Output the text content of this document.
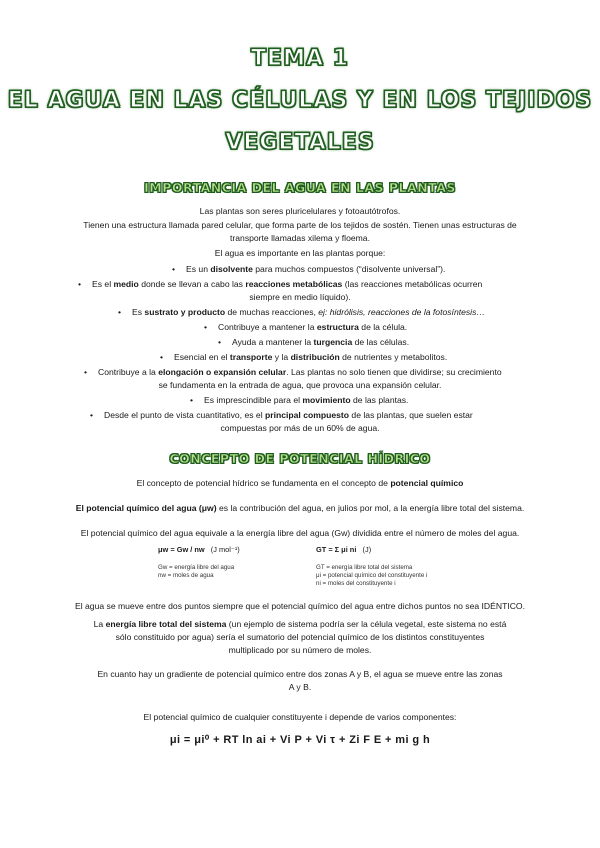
TEMA 1
EL AGUA EN LAS CÉLULAS Y EN LOS TEJIDOS
VEGETALES
IMPORTANCIA DEL AGUA EN LAS PLANTAS
Las plantas son seres pluricelulares y fotoautótrofos.
Tienen una estructura llamada pared celular, que forma parte de los tejidos de sostén. Tienen unas estructuras de
transporte llamadas xilema y floema.
El agua es importante en las plantas porque:
• Es un disolvente para muchos compuestos (“disolvente universal”).
• Es el medio donde se llevan a cabo las reacciones metabólicas (las reacciones metabólicas ocurren
siempre en medio líquido).
• Es sustrato y producto de muchas reacciones, ej: hidrólisis, reacciones de la fotosíntesis…
• Contribuye a mantener la estructura de la célula.
• Ayuda a mantener la turgencia de las células.
• Esencial en el transporte y la distribución de nutrientes y metabolitos.
• Contribuye a la elongación o expansión celular. Las plantas no solo tienen que dividirse; su crecimiento
se fundamenta en la entrada de agua, que provoca una expansión celular.
• Es imprescindible para el movimiento de las plantas.
• Desde el punto de vista cuantitativo, es el principal compuesto de las plantas, que suelen estar
compuestas por más de un 60% de agua.
CONCEPTO DE POTENCIAL HÍDRICO
El concepto de potencial hídrico se fundamenta en el concepto de potencial químico
El potencial químico del agua (μw) es la contribución del agua, en julios por mol, a la energía libre total del sistema.
El potencial químico del agua equivale a la energía libre del agua (Gw) dividida entre el número de moles del agua.
μw = Gw / nw (J mol⁻¹)	GT = Σ μi ni (J)
Gw = energía libre del agua
nw = moles de agua
GT = energía libre total del sistema
μi = potencial químico del constituyente i
ni = moles del constituyente i
El agua se mueve entre dos puntos siempre que el potencial químico del agua entre dichos puntos no sea IDÉNTICO.
La energía libre total del sistema (un ejemplo de sistema podría ser la célula vegetal, este sistema no está
sólo constituido por agua) sería el sumatorio del potencial químico de los distintos constituyentes
multiplicado por su número de moles.
En cuanto hay un gradiente de potencial químico entre dos zonas A y B, el agua se mueve entre las zonas
A y B.
El potencial químico de cualquier constituyente i depende de varios componentes:
μi = μi⁰ + RT ln ai + Vi P + Vi τ + Zi F E + mi g h
